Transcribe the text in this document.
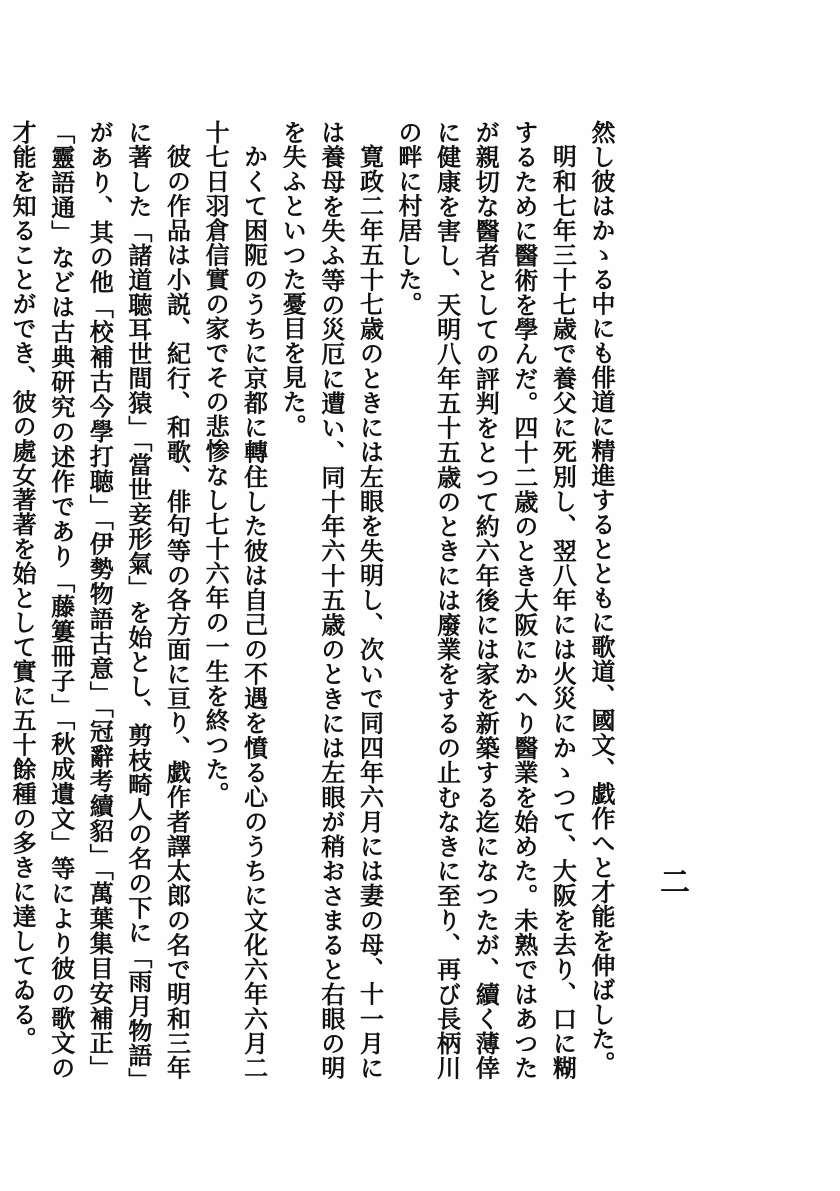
二

然し彼はかゝる中にも俳道に精進するとともに歌道、國文、戯作へと才能を伸ばした。

明和七年三十七歳で養父に死別し、翌八年には火災にかゝつて、大阪を去り、口に糊するために醫術を學んだ。四十二歳のとき大阪にかへり醫業を始めた。未熟ではあつたが親切な醫者としての評判をとつて約六年後には家を新築する迄になつたが、續く薄倖に健康を害し、天明八年五十五歳のときには廢業をするの止むなきに至り、再び長柄川の畔に村居した。

寛政二年五十七歳のときには左眼を失明し、次いで同四年六月には妻の母、十一月には養母を失ふ等の災厄に遭い、同十年六十五歳のときには左眼が稍おさまると右眼の明を失ふといつた憂目を見た。

かくて困阨のうちに京都に轉住した彼は自己の不遇を憤る心のうちに文化六年六月二十七日羽倉信實の家でその悲惨なし七十六年の一生を終つた。

彼の作品は小説、紀行、和歌、俳句等の各方面に亘り、戯作者譯太郎の名で明和三年に著した「諸道聴耳世間猿」「當世妾形氣」を始とし、剪枝畸人の名の下に「雨月物語」があり、其の他「校補古今學打聴」「伊勢物語古意」「冠辭考續貂」「萬葉集目安補正」「靈語通」などは古典研究の述作であり「藤簍冊子」「秋成遺文」等により彼の歌文の才能を知ることができ、彼の處女著著を始として實に五十餘種の多きに達してゐる。
